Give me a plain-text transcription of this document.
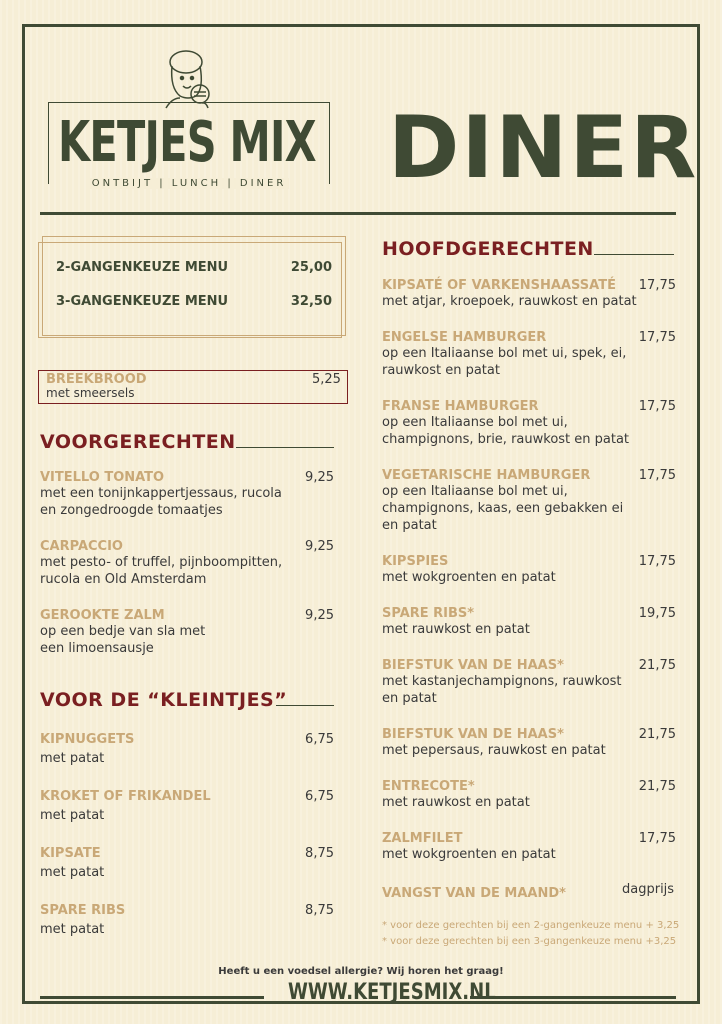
KETJES MIX
ONTBIJT | LUNCH | DINER	DINER
2-GANGENKEUZE MENU	25,00
3-GANGENKEUZE MENU	32,50
BREEKBROOD	5,25
met smeersels
VOORGERECHTEN
VITELLO TONATO	9,25
met een tonijnkappertjessaus, rucola
en zongedroogde tomaatjes
CARPACCIO	9,25
met pesto- of truffel, pijnboompitten,
rucola en Old Amsterdam
GEROOKTE ZALM	9,25
op een bedje van sla met
een limoensausje
VOOR DE “KLEINTJES”
KIPNUGGETS	6,75
met patat
KROKET OF FRIKANDEL	6,75
met patat
KIPSATE	8,75
met patat
SPARE RIBS	8,75
met patat
HOOFDGERECHTEN
KIPSATÉ OF VARKENSHAASSATÉ 17,75
met atjar, kroepoek, rauwkost en patat
ENGELSE HAMBURGER	17,75
op een Italiaanse bol met ui, spek, ei,
rauwkost en patat
FRANSE HAMBURGER	17,75
op een Italiaanse bol met ui,
champignons, brie, rauwkost en patat
VEGETARISCHE HAMBURGER	17,75
op een Italiaanse bol met ui,
champignons, kaas, een gebakken ei
en patat
KIPSPIES	17,75
met wokgroenten en patat
SPARE RIBS*	19,75
met rauwkost en patat
BIEFSTUK VAN DE HAAS*	21,75
met kastanjechampignons, rauwkost
en patat
BIEFSTUK VAN DE HAAS*	21,75
met pepersaus, rauwkost en patat
ENTRECOTE*	21,75
met rauwkost en patat
ZALMFILET	17,75
met wokgroenten en patat
VANGST VAN DE MAAND*	dagprijs
* voor deze gerechten bij een 2-gangenkeuze menu + 3,25
* voor deze gerechten bij een 3-gangenkeuze menu +3,25
Heeft u een voedsel allergie? Wij horen het graag!
WWW.KETJESMIX.NL
